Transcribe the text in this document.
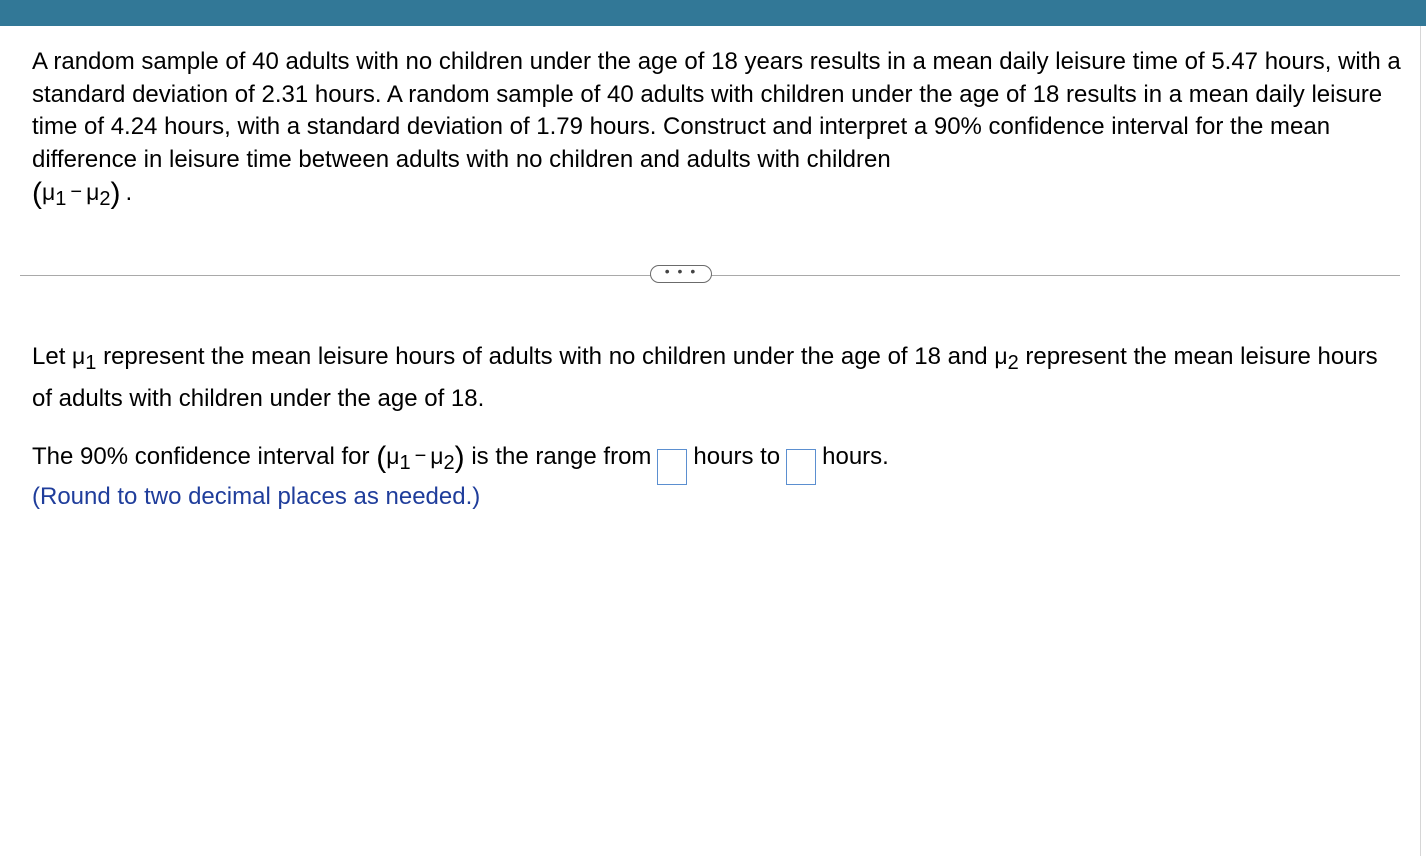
A random sample of 40 adults with no children under the age of 18 years results in a mean daily leisure time of 5.47 hours, with a standard deviation of 2.31 hours. A random sample of 40 adults with children under the age of 18 results in a mean daily leisure time of 4.24 hours, with a standard deviation of 1.79 hours. Construct and interpret a 90% confidence interval for the mean difference in leisure time between adults with no children and adults with children
$(\mu_1 - \mu_2)$ .

• • •

Let $\mu_1$ represent the mean leisure hours of adults with no children under the age of 18 and $\mu_2$ represent the mean leisure hours of adults with children under the age of 18.

The 90% confidence interval for $(\mu_1 - \mu_2)$ is the range from hours to hours.

(Round to two decimal places as needed.)
